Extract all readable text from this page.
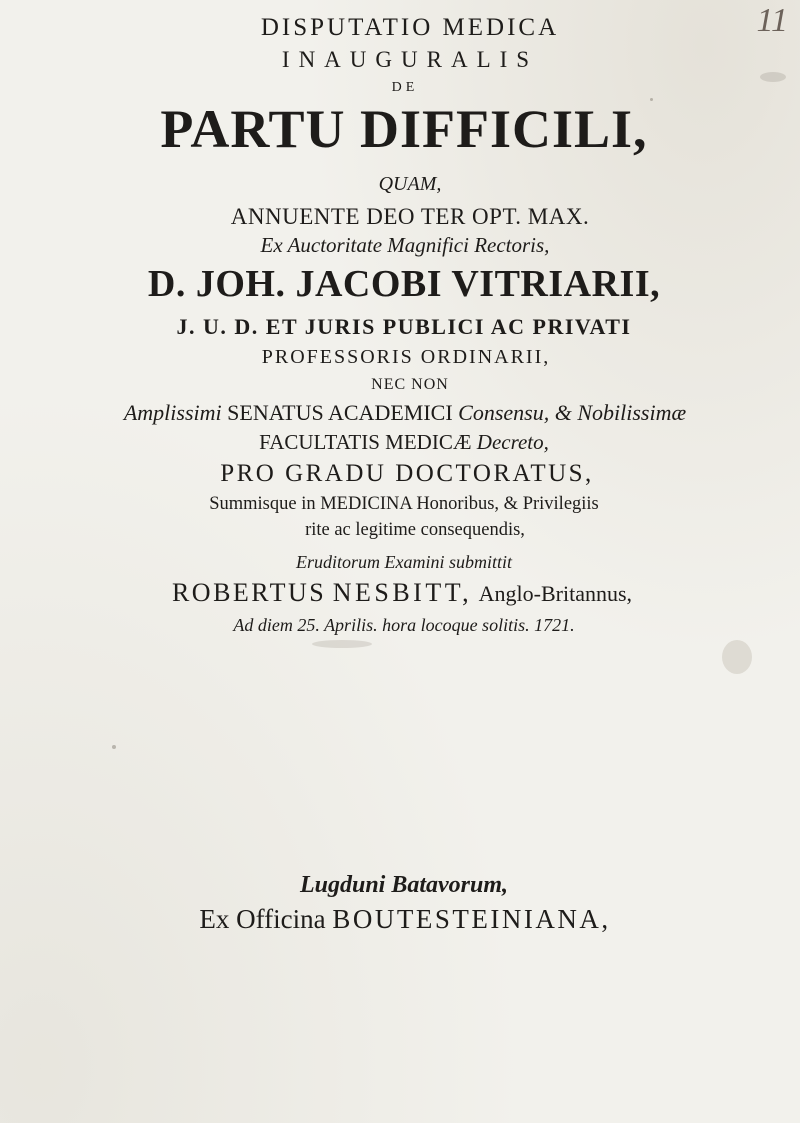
11
DISPUTATIO MEDICA
INAUGURALIS
DE
PARTU DIFFICILI,
QUAM,
ANNUENTE DEO TER OPT. MAX.
Ex Auctoritate Magnifici Rectoris,
D. JOH. JACOBI VITRIARII,
J. U. D. ET JURIS PUBLICI AC PRIVATI
PROFESSORIS ORDINARII,
NEC NON
Amplissimi SENATUS ACADEMICI Consensu, & Nobilissimæ
FACULTATIS MEDICÆ Decreto,
PRO GRADU DOCTORATUS,
Summisque in MEDICINA Honoribus, & Privilegiis
rite ac legitime consequendis,
Eruditorum Examini submittit
ROBERTUS NESBITT, Anglo-Britannus,
Ad diem 25. Aprilis. hora locoque solitis. 1721.
Lugduni Batavorum,
Ex Officina BOUTESTEINIANA,
